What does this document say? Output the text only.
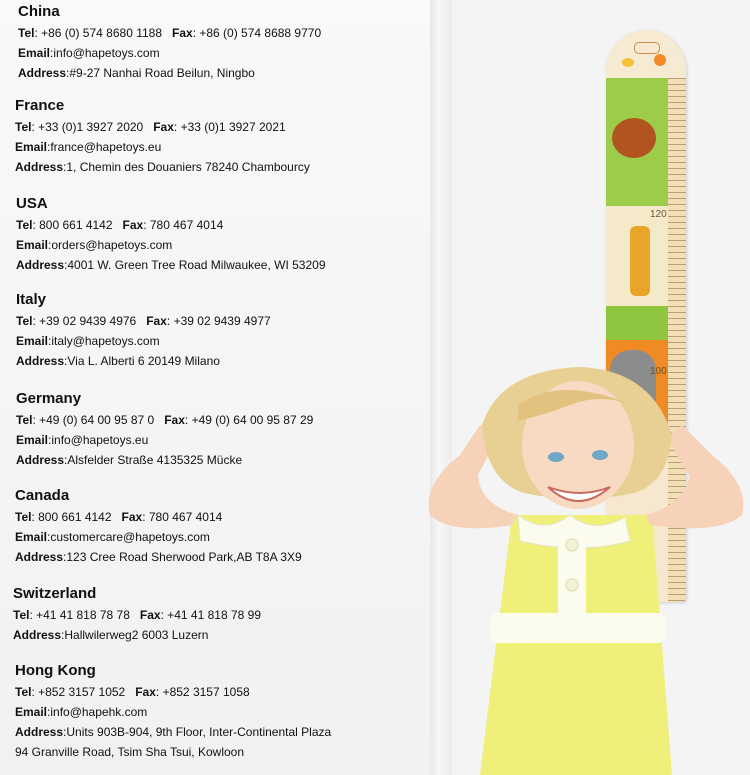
China
Tel: +86 (0) 574 8680 1188 Fax: +86 (0) 574 8688 9770
Email:info@hapetoys.com
Address:#9-27 Nanhai Road Beilun, Ningbo
France
Tel: +33 (0)1 3927 2020 Fax: +33 (0)1 3927 2021
Email:france@hapetoys.eu
Address:1, Chemin des Douaniers 78240 Chambourcy
USA
Tel: 800 661 4142 Fax: 780 467 4014
Email:orders@hapetoys.com
Address:4001 W. Green Tree Road Milwaukee, WI 53209
Italy
Tel: +39 02 9439 4976 Fax: +39 02 9439 4977
Email:italy@hapetoys.com
Address:Via L. Alberti 6 20149 Milano
Germany
Tel: +49 (0) 64 00 95 87 0 Fax: +49 (0) 64 00 95 87 29
Email:info@hapetoys.eu
Address:Alsfelder Straße 4135325 Mücke
Canada
Tel: 800 661 4142 Fax: 780 467 4014
Email:customercare@hapetoys.com
Address:123 Cree Road Sherwood Park,AB T8A 3X9
Switzerland
Tel: +41 41 818 78 78 Fax: +41 41 818 78 99
Address:Hallwilerweg2 6003 Luzern
Hong Kong
Tel: +852 3157 1052 Fax: +852 3157 1058
Email:info@hapehk.com
Address:Units 903B-904, 9th Floor, Inter-Continental Plaza
94 Granville Road, Tsim Sha Tsui, Kowloon
120
100
